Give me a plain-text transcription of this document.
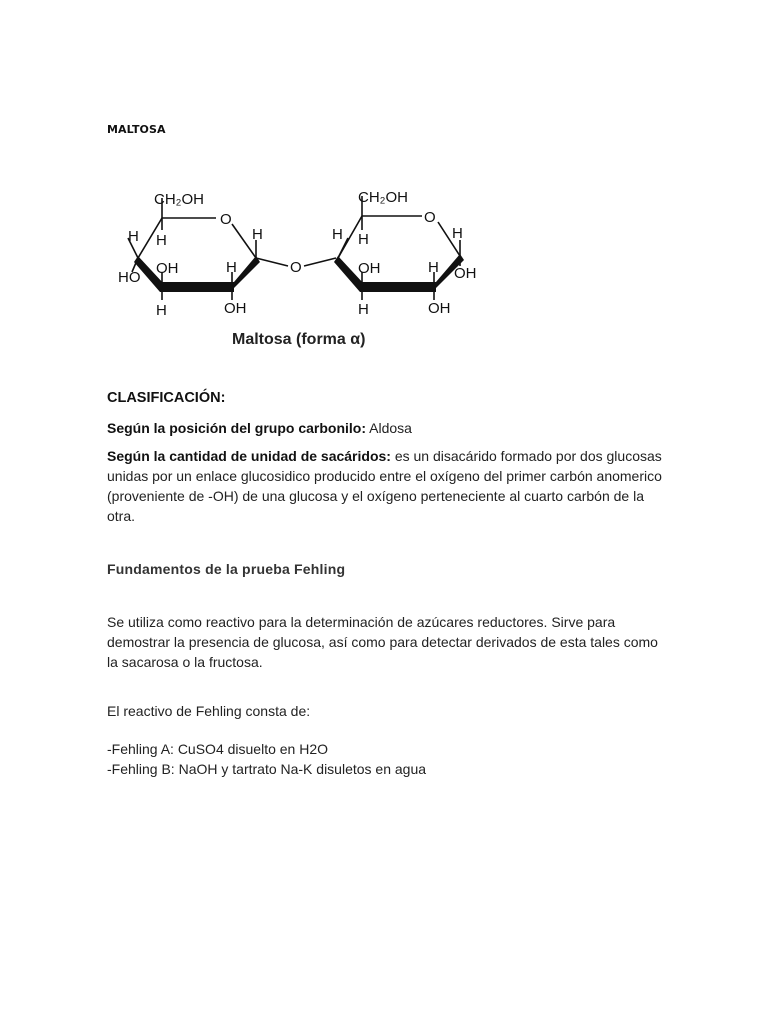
MALTOSA
CH₂OH
O
H H	H
HO
OH	H
H	OH
O
CH₂OH
O
H H	H
OH	H OH
H	OH
Maltosa (forma α)
CLASIFICACIÓN:
Según la posición del grupo carbonilo: Aldosa
Según la cantidad de unidad de sacáridos: es un disacárido formado por dos glucosas unidas por un enlace glucosidico producido entre el oxígeno del primer carbón anomerico (proveniente de -OH) de una glucosa y el oxígeno perteneciente al cuarto carbón de la otra.
Fundamentos de la prueba Fehling
Se utiliza como reactivo para la determinación de azúcares reductores. Sirve para demostrar la presencia de glucosa, así como para detectar derivados de esta tales como la sacarosa o la fructosa.
El reactivo de Fehling consta de:
-Fehling A: CuSO4 disuelto en H2O
-Fehling B: NaOH y tartrato Na-K disuletos en agua
